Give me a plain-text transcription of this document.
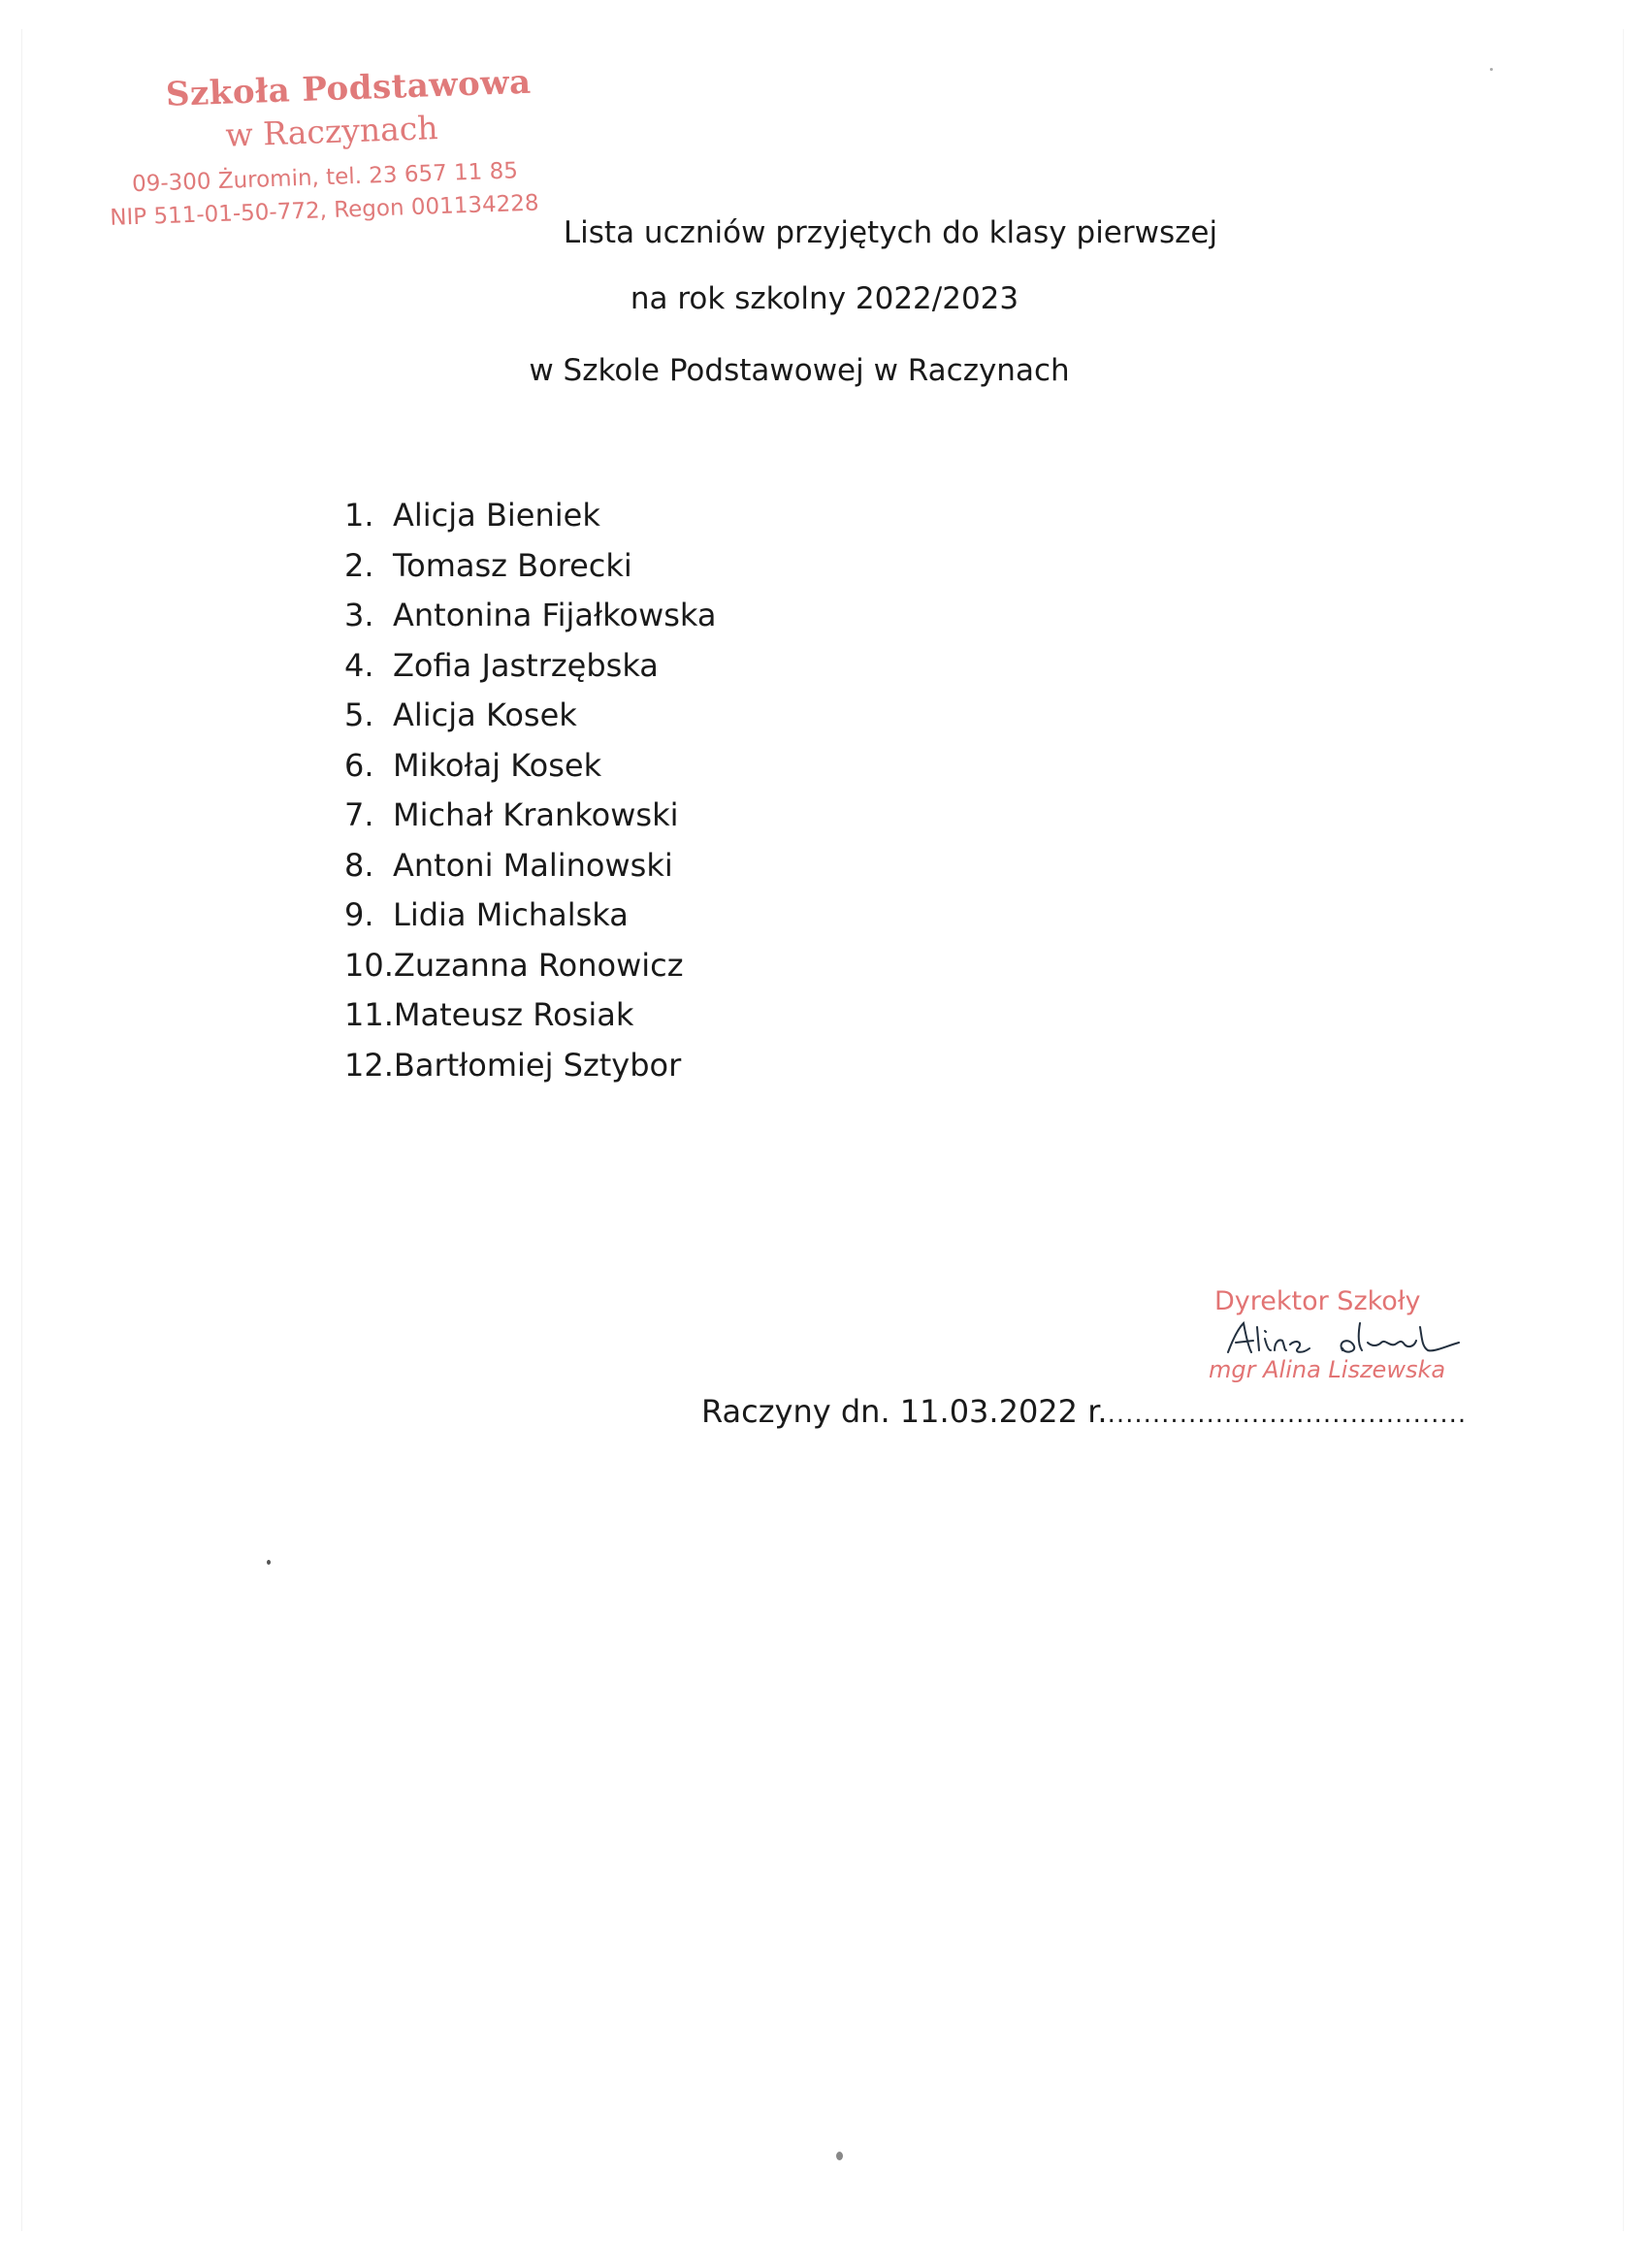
Szkoła Podstawowa
w Raczynach
09-300 Żuromin, tel. 23 657 11 85
NIP 511-01-50-772, Regon 001134228
Lista uczniów przyjętych do klasy pierwszej
na rok szkolny 2022/2023
w Szkole Podstawowej w Raczynach
1. Alicja Bieniek
2. Tomasz Borecki
3. Antonina Fijałkowska
4. Zofia Jastrzębska
5. Alicja Kosek
6. Mikołaj Kosek
7. Michał Krankowski
8. Antoni Malinowski
9. Lidia Michalska
10. Zuzanna Ronowicz
11. Mateusz Rosiak
12. Bartłomiej Sztybor
Dyrektor Szkoły
mgr Alina Liszewska
Raczyny dn. 11.03.2022 r.........................................
